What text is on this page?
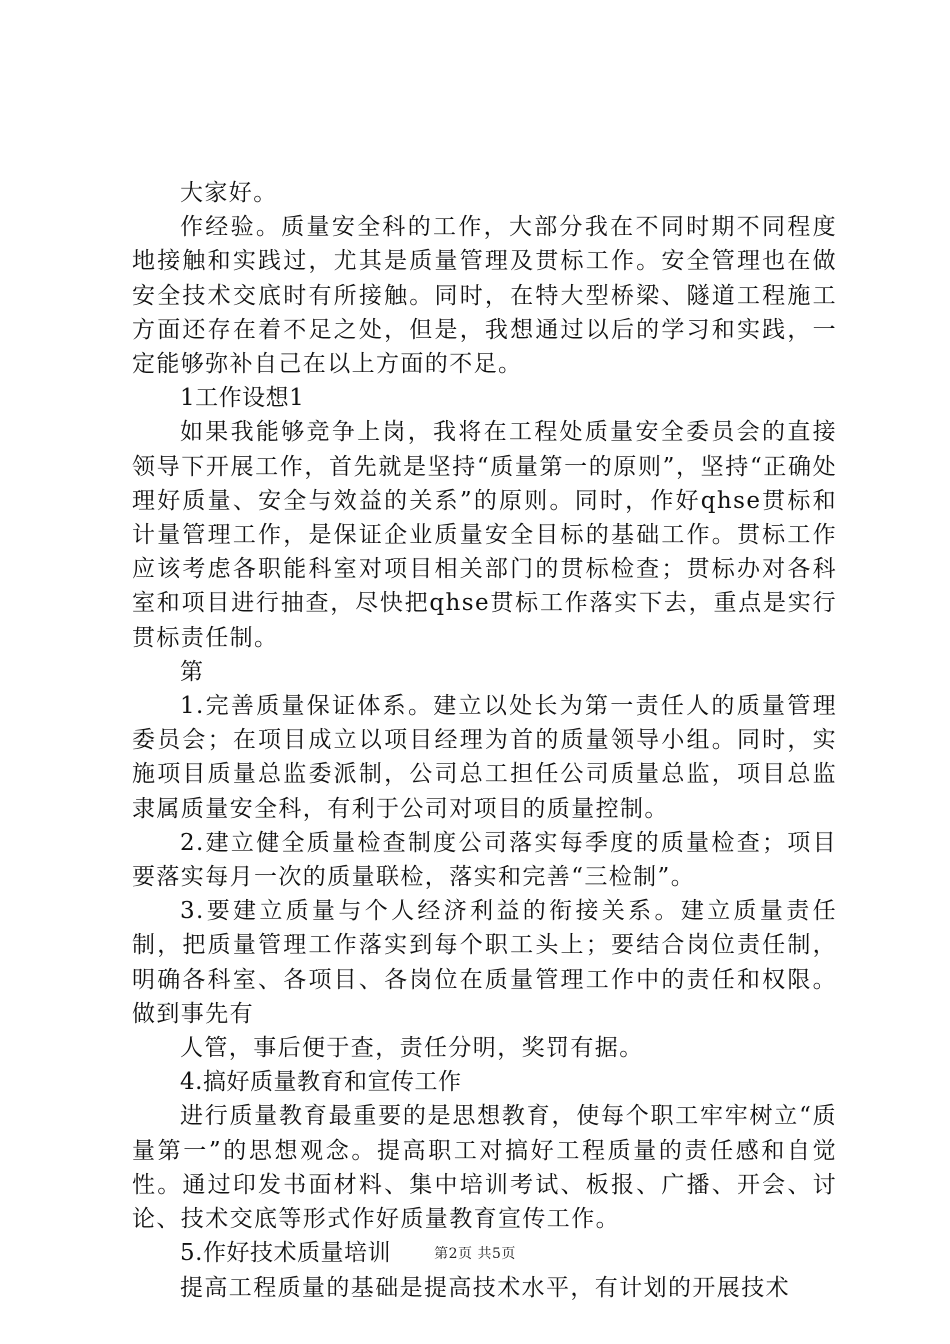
大家好。

作经验。质量安全科的工作，大部分我在不同时期不同程度地接触和实践过，尤其是质量管理及贯标工作。安全管理也在做安全技术交底时有所接触。同时，在特大型桥梁、隧道工程施工方面还存在着不足之处，但是，我想通过以后的学习和实践，一定能够弥补自己在以上方面的不足。

1工作设想1

如果我能够竞争上岗，我将在工程处质量安全委员会的直接领导下开展工作，首先就是坚持“质量第一的原则”，坚持“正确处理好质量、安全与效益的关系”的原则。同时，作好qhse贯标和计量管理工作，是保证企业质量安全目标的基础工作。贯标工作应该考虑各职能科室对项目相关部门的贯标检查；贯标办对各科室和项目进行抽查，尽快把qhse贯标工作落实下去，重点是实行贯标责任制。

第

1.完善质量保证体系。建立以处长为第一责任人的质量管理委员会；在项目成立以项目经理为首的质量领导小组。同时，实施项目质量总监委派制，公司总工担任公司质量总监，项目总监隶属质量安全科，有利于公司对项目的质量控制。

2.建立健全质量检查制度公司落实每季度的质量检查；项目要落实每月一次的质量联检，落实和完善“三检制”。

3.要建立质量与个人经济利益的衔接关系。建立质量责任制，把质量管理工作落实到每个职工头上；要结合岗位责任制，明确各科室、各项目、各岗位在质量管理工作中的责任和权限。做到事先有

人管，事后便于查，责任分明，奖罚有据。

4.搞好质量教育和宣传工作

进行质量教育最重要的是思想教育，使每个职工牢牢树立“质量第一”的思想观念。提高职工对搞好工程质量的责任感和自觉性。通过印发书面材料、集中培训考试、板报、广播、开会、讨论、技术交底等形式作好质量教育宣传工作。

5.作好技术质量培训

提高工程质量的基础是提高技术水平，有计划的开展技术

第2页 共5页
